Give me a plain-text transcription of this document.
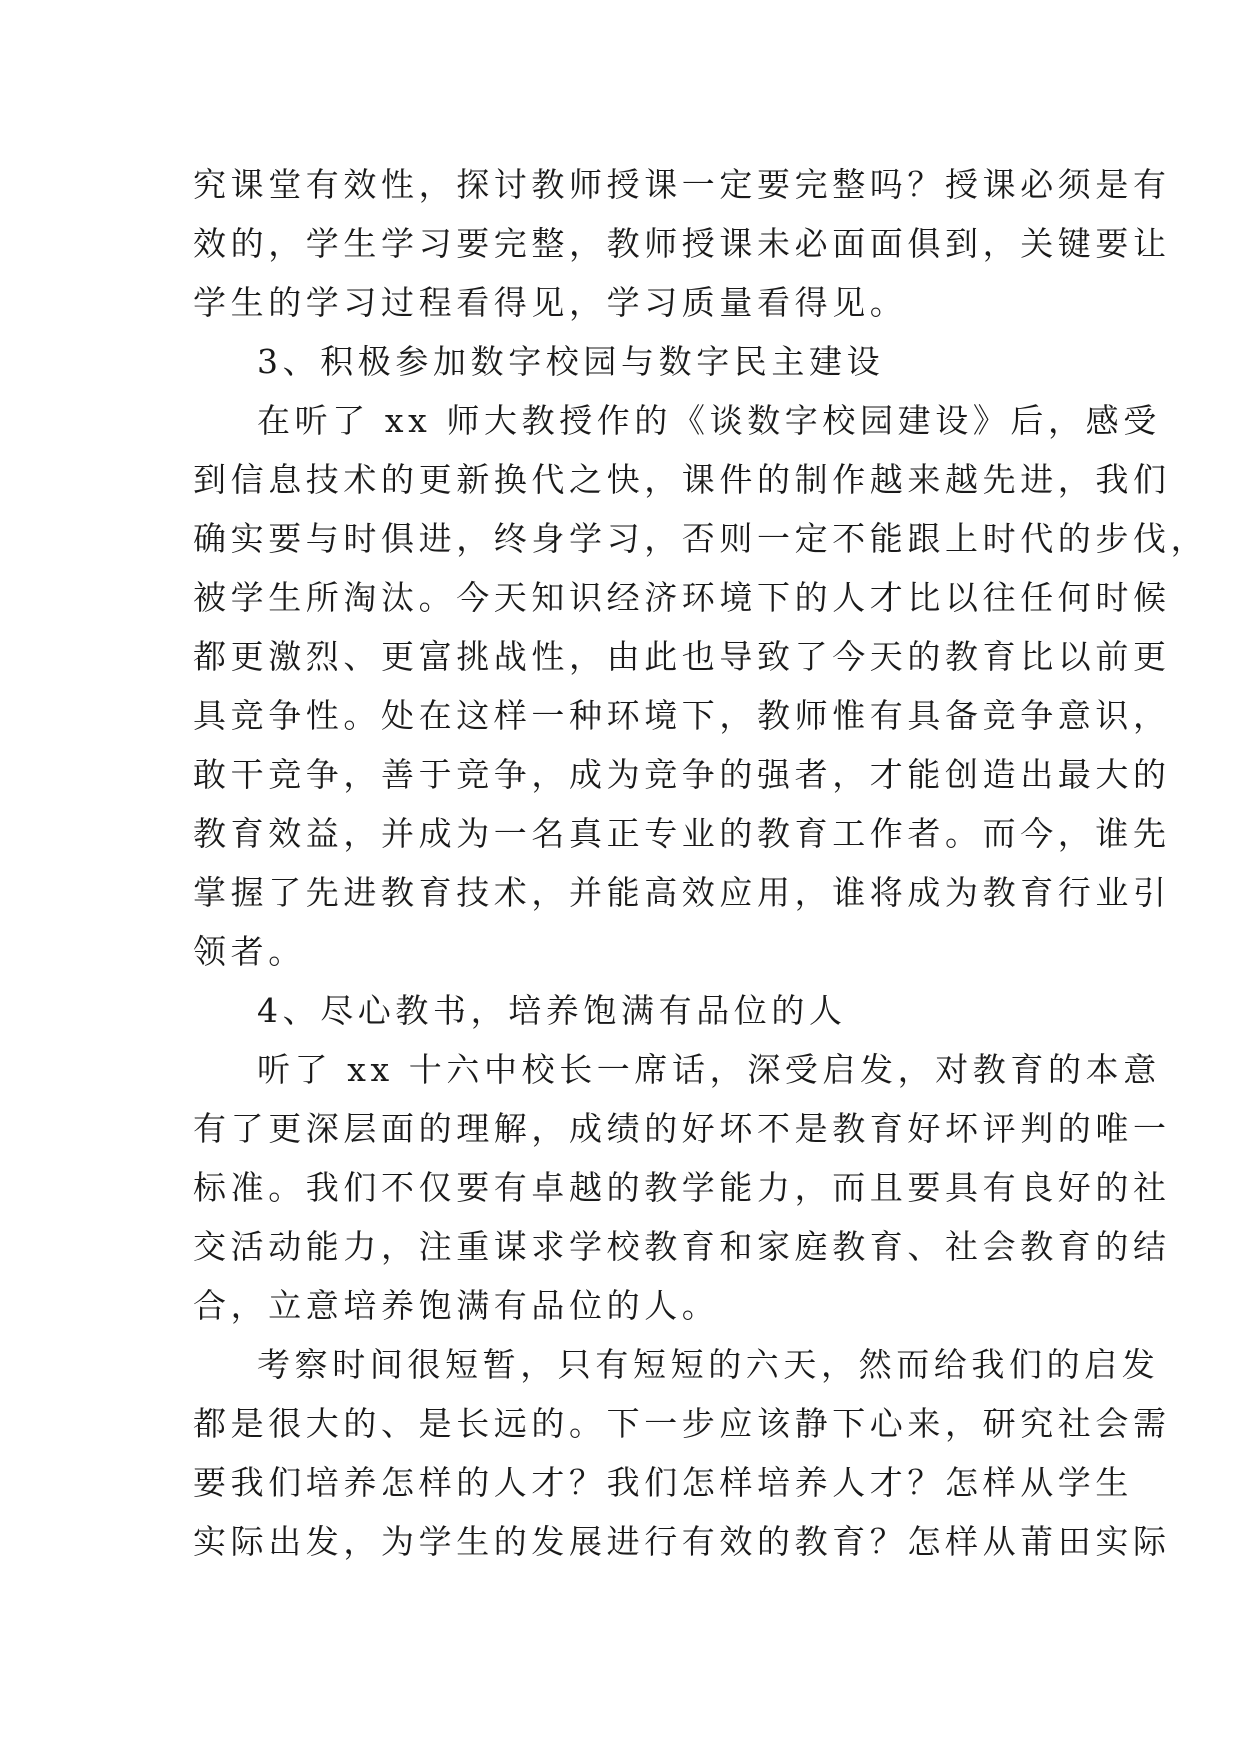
究课堂有效性，探讨教师授课一定要完整吗？授课必须是有
效的，学生学习要完整，教师授课未必面面俱到，关键要让
学生的学习过程看得见，学习质量看得见。
3、积极参加数字校园与数字民主建设
在听了 xx 师大教授作的《谈数字校园建设》后，感受
到信息技术的更新换代之快，课件的制作越来越先进，我们
确实要与时俱进，终身学习，否则一定不能跟上时代的步伐，
被学生所淘汰。今天知识经济环境下的人才比以往任何时候
都更激烈、更富挑战性，由此也导致了今天的教育比以前更
具竞争性。处在这样一种环境下，教师惟有具备竞争意识，
敢干竞争，善于竞争，成为竞争的强者，才能创造出最大的
教育效益，并成为一名真正专业的教育工作者。而今，谁先
掌握了先进教育技术，并能高效应用，谁将成为教育行业引
领者。
4、尽心教书，培养饱满有品位的人
听了 xx 十六中校长一席话，深受启发，对教育的本意
有了更深层面的理解，成绩的好坏不是教育好坏评判的唯一
标准。我们不仅要有卓越的教学能力，而且要具有良好的社
交活动能力，注重谋求学校教育和家庭教育、社会教育的结
合，立意培养饱满有品位的人。
考察时间很短暂，只有短短的六天，然而给我们的启发
都是很大的、是长远的。下一步应该静下心来，研究社会需
要我们培养怎样的人才？我们怎样培养人才？怎样从学生
实际出发，为学生的发展进行有效的教育？怎样从莆田实际
